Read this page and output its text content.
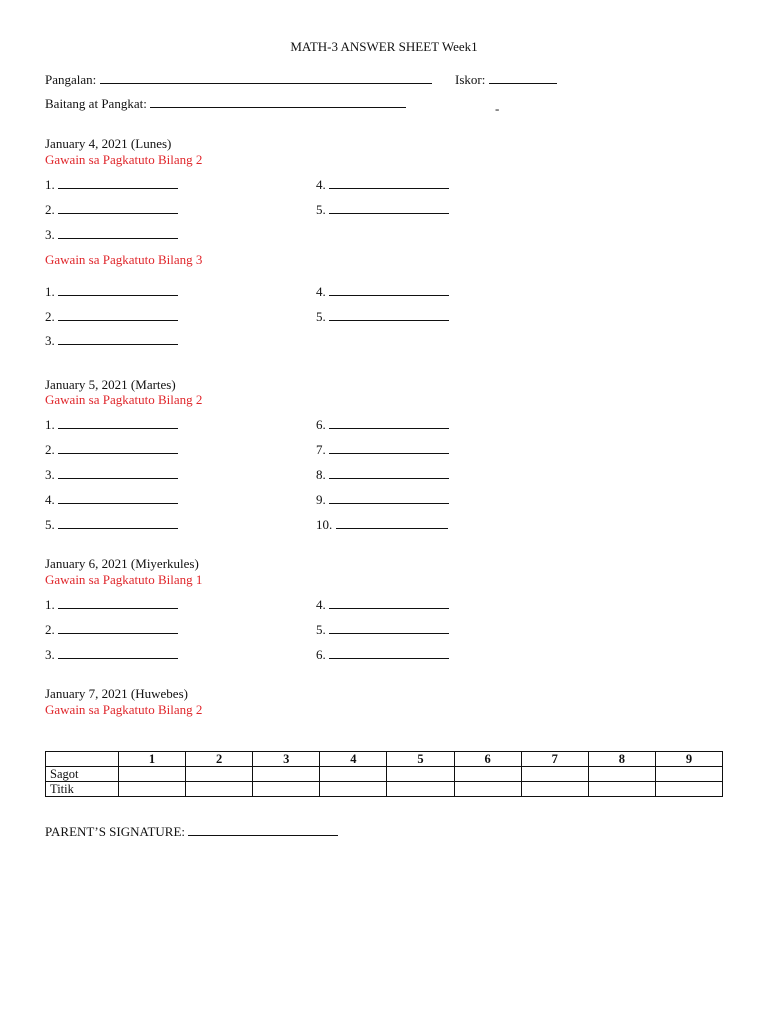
MATH-3 ANSWER SHEET Week1
Pangalan:	Iskor:
Baitang at Pangkat:	-
January 4, 2021 (Lunes)
Gawain sa Pagkatuto Bilang 2
1.
2.
3.
4.
5.
Gawain sa Pagkatuto Bilang 3
1.
2.
3.
4.
5.
January 5, 2021 (Martes)
Gawain sa Pagkatuto Bilang 2
1.
2.
3.
4.
5.
6.
7.
8.
9.
10.
January 6, 2021 (Miyerkules)
Gawain sa Pagkatuto Bilang 1
1.
2.
3.
4.
5.
6.
January 7, 2021 (Huwebes)
Gawain sa Pagkatuto Bilang 2
	1	2	3	4	5	6	7	8	9
Sagot									
Titik									
PARENT’S SIGNATURE:
